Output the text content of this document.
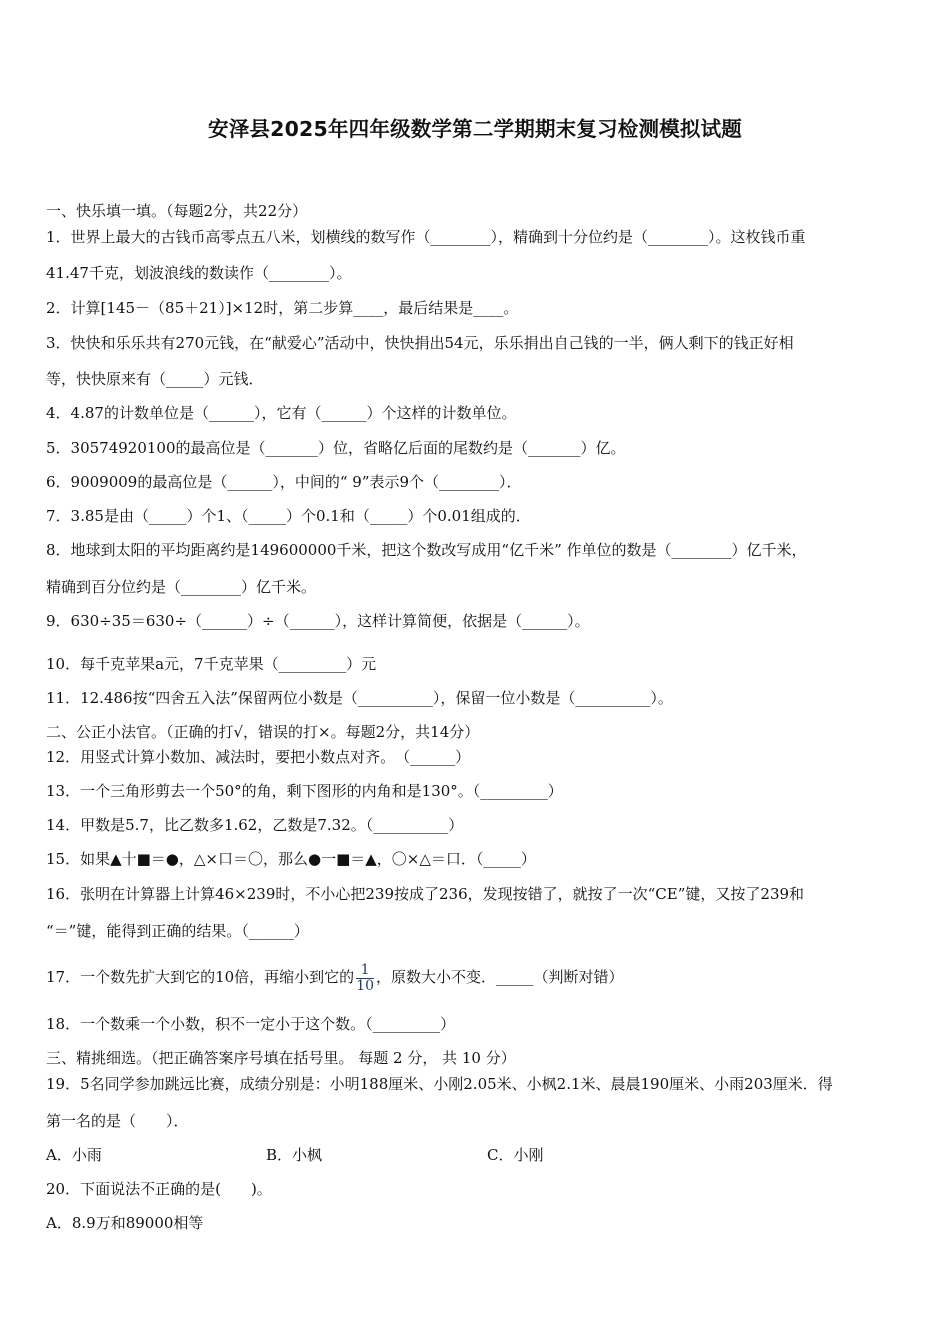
安泽县2025年四年级数学第二学期期末复习检测模拟试题
一、快乐填一填。（每题2分，共22分）
1．世界上最大的古钱币高零点五八米，划横线的数写作（________），精确到十分位约是（________）。这枚钱币重
41.47千克，划波浪线的数读作（________）。
2．计算[145－（85＋21）]×12时，第二步算____，最后结果是____。
3．快快和乐乐共有270元钱，在“献爱心”活动中，快快捐出54元，乐乐捐出自己钱的一半，俩人剩下的钱正好相
等，快快原来有（_____）元钱．
4．4.87的计数单位是（______），它有（______）个这样的计数单位。
5．30574920100的最高位是（_______）位，省略亿后面的尾数约是（_______）亿。
6．9009009的最高位是（______），中间的“ 9”表示9个（________）．
7．3.85是由（_____）个1、（_____）个0.1和（_____）个0.01组成的．
8．地球到太阳的平均距离约是149600000千米，把这个数改写成用“亿千米” 作单位的数是（________）亿千米，
精确到百分位约是（________）亿千米。
9．630÷35＝630÷（______）÷（______），这样计算简便，依据是（______）。
10．每千克苹果a元，7千克苹果（_________）元
11．12.486按“四舍五入法”保留两位小数是（__________），保留一位小数是（__________）。
二、公正小法官。（正确的打√，错误的打×。每题2分，共14分）
12．用竖式计算小数加、减法时，要把小数点对齐。　（______）
13．一个三角形剪去一个50°的角，剩下图形的内角和是130°。（_________）
14．甲数是5.7，比乙数多1.62，乙数是7.32。（__________）
15．如果▲十■＝●，△×口＝〇，那么●一■＝▲，〇×△＝口．（_____）
16．张明在计算器上计算46×239时，不小心把239按成了236，发现按错了，就按了一次“CE”键，又按了239和
“＝”键，能得到正确的结果。（______）
17．一个数先扩大到它的10倍，再缩小到它的 $\frac{1}{10}$ ，原数大小不变．_____（判断对错）
18．一个数乘一个小数，积不一定小于这个数。（_________）
三、精挑细选。（把正确答案序号填在括号里。 每题 2 分， 共 10 分）
19．5名同学参加跳远比赛，成绩分别是：小明188厘米、小刚2.05米、小枫2.1米、晨晨190厘米、小雨203厘米．得
第一名的是（　　）．
A．小雨	B．小枫	C．小刚
20．下面说法不正确的是(　　)。
A．8.9万和89000相等
